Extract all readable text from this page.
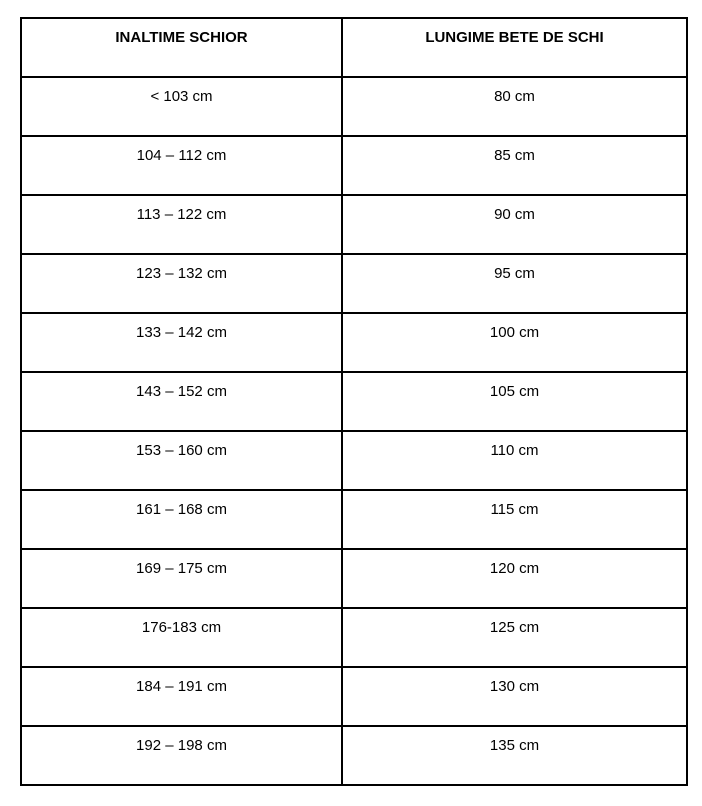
INALTIME SCHIOR	LUNGIME BETE DE SCHI
< 103 cm	80 cm
104 – 112 cm	85 cm
113 – 122 cm	90 cm
123 – 132 cm	95 cm
133 – 142 cm	100 cm
143 – 152 cm	105 cm
153 – 160 cm	110 cm
161 – 168 cm	115 cm
169 – 175 cm	120 cm
176-183 cm	125 cm
184 – 191 cm	130 cm
192 – 198 cm	135 cm
